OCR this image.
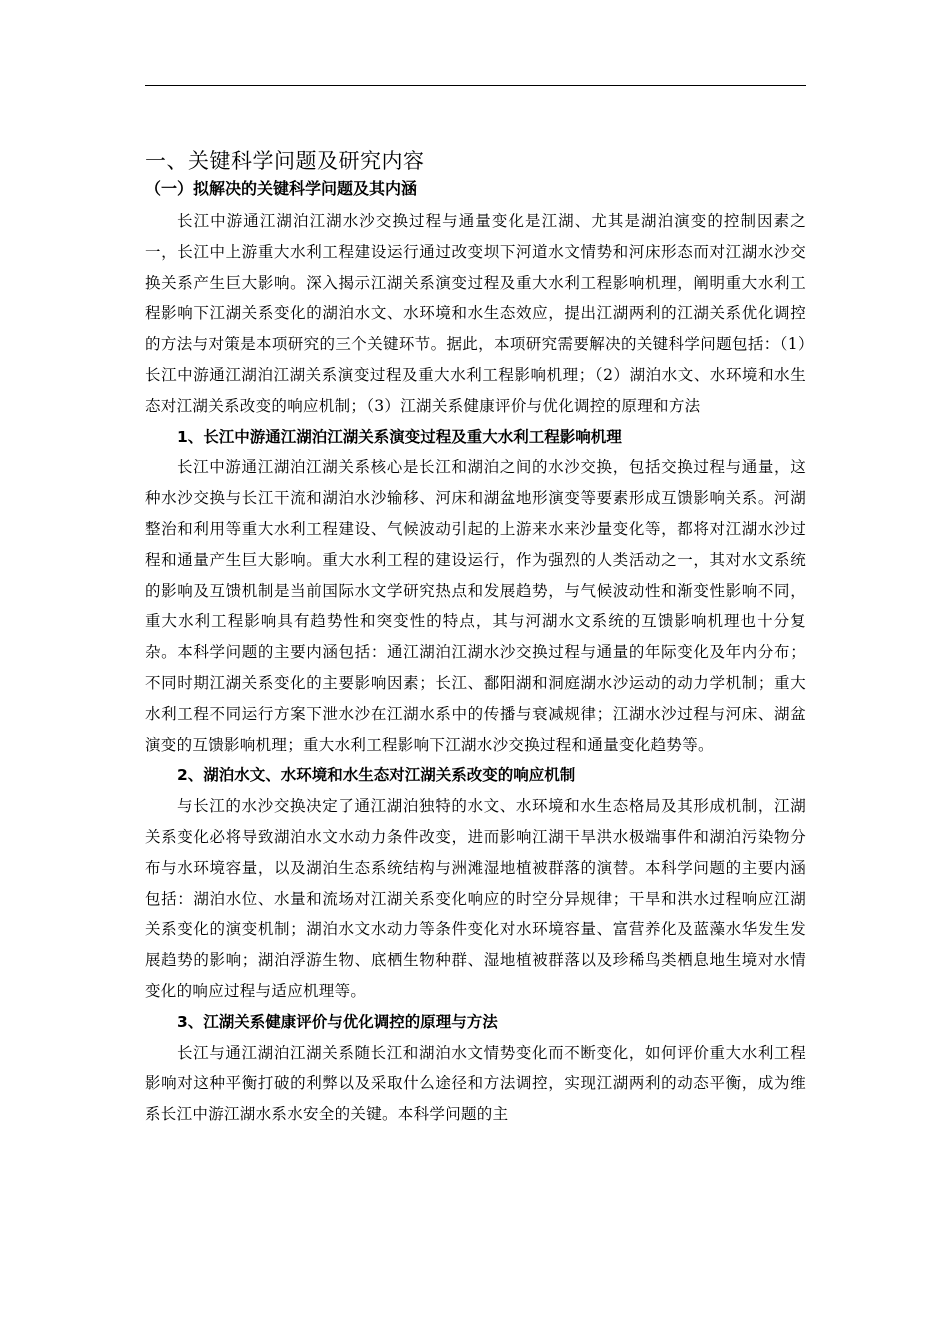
一、关键科学问题及研究内容
（一）拟解决的关键科学问题及其内涵

长江中游通江湖泊江湖水沙交换过程与通量变化是江湖、尤其是湖泊演变的控制因素之一，长江中上游重大水利工程建设运行通过改变坝下河道水文情势和河床形态而对江湖水沙交换关系产生巨大影响。深入揭示江湖关系演变过程及重大水利工程影响机理，阐明重大水利工程影响下江湖关系变化的湖泊水文、水环境和水生态效应，提出江湖两利的江湖关系优化调控的方法与对策是本项研究的三个关键环节。据此，本项研究需要解决的关键科学问题包括：（1）长江中游通江湖泊江湖关系演变过程及重大水利工程影响机理；（2）湖泊水文、水环境和水生态对江湖关系改变的响应机制；（3）江湖关系健康评价与优化调控的原理和方法

1、长江中游通江湖泊江湖关系演变过程及重大水利工程影响机理

长江中游通江湖泊江湖关系核心是长江和湖泊之间的水沙交换，包括交换过程与通量，这种水沙交换与长江干流和湖泊水沙输移、河床和湖盆地形演变等要素形成互馈影响关系。河湖整治和利用等重大水利工程建设、气候波动引起的上游来水来沙量变化等，都将对江湖水沙过程和通量产生巨大影响。重大水利工程的建设运行，作为强烈的人类活动之一，其对水文系统的影响及互馈机制是当前国际水文学研究热点和发展趋势，与气候波动性和渐变性影响不同，重大水利工程影响具有趋势性和突变性的特点，其与河湖水文系统的互馈影响机理也十分复杂。本科学问题的主要内涵包括：通江湖泊江湖水沙交换过程与通量的年际变化及年内分布；不同时期江湖关系变化的主要影响因素；长江、鄱阳湖和洞庭湖水沙运动的动力学机制；重大水利工程不同运行方案下泄水沙在江湖水系中的传播与衰减规律；江湖水沙过程与河床、湖盆演变的互馈影响机理；重大水利工程影响下江湖水沙交换过程和通量变化趋势等。

2、湖泊水文、水环境和水生态对江湖关系改变的响应机制

与长江的水沙交换决定了通江湖泊独特的水文、水环境和水生态格局及其形成机制，江湖关系变化必将导致湖泊水文水动力条件改变，进而影响江湖干旱洪水极端事件和湖泊污染物分布与水环境容量，以及湖泊生态系统结构与洲滩湿地植被群落的演替。本科学问题的主要内涵包括：湖泊水位、水量和流场对江湖关系变化响应的时空分异规律；干旱和洪水过程响应江湖关系变化的演变机制；湖泊水文水动力等条件变化对水环境容量、富营养化及蓝藻水华发生发展趋势的影响；湖泊浮游生物、底栖生物种群、湿地植被群落以及珍稀鸟类栖息地生境对水情变化的响应过程与适应机理等。

3、江湖关系健康评价与优化调控的原理与方法

长江与通江湖泊江湖关系随长江和湖泊水文情势变化而不断变化，如何评价重大水利工程影响对这种平衡打破的利弊以及采取什么途径和方法调控，实现江湖两利的动态平衡，成为维系长江中游江湖水系水安全的关键。本科学问题的主
